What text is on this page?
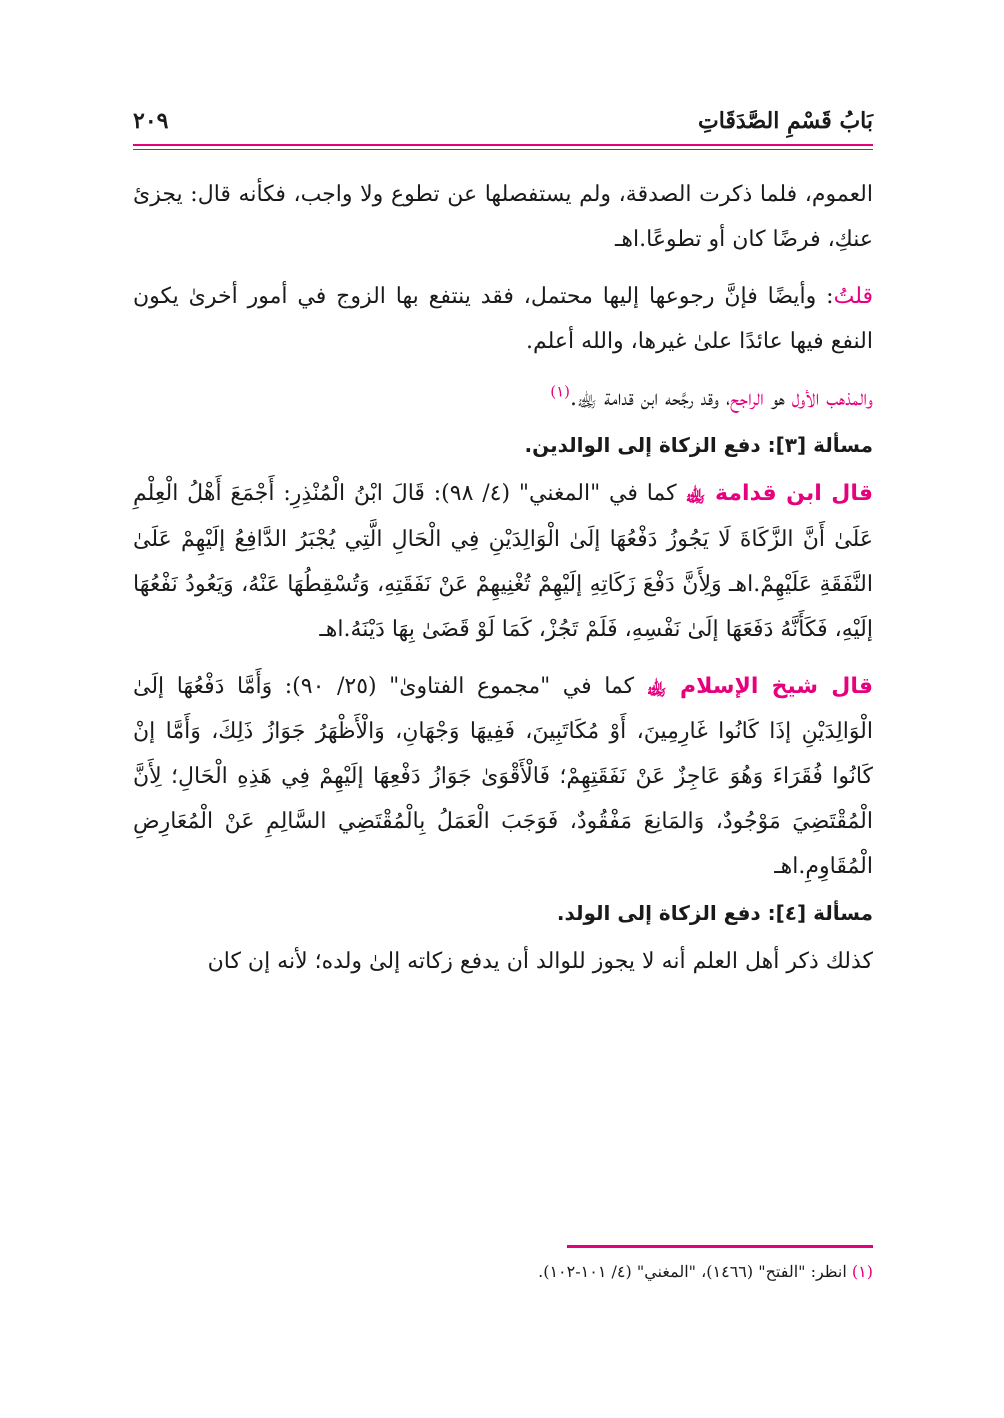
بَابُ قَسْمِ الصَّدَقَاتِ
٢٠٩

العموم، فلما ذكرت الصدقة، ولم يستفصلها عن تطوع ولا واجب، فكأنه قال: يجزئ عنكِ، فرضًا كان أو تطوعًا.اهـ

قلتُ: وأيضًا فإنَّ رجوعها إليها محتمل، فقد ينتفع بها الزوج في أمور أخرىٰ يكون النفع فيها عائدًا علىٰ غيرها، والله أعلم.

والمذهب الأول هو الراجح، وقد رجَّحه ابن قدامة ﵀.$^{(١)}$

مسألة [٣]: دفع الزكاة إلى الوالدين.

قال ابن قدامة ﵀ كما في "المغني" (٤/ ٩٨): قَالَ ابْنُ الْمُنْذِرِ: أَجْمَعَ أَهْلُ الْعِلْمِ عَلَىٰ أَنَّ الزَّكَاةَ لَا يَجُوزُ دَفْعُهَا إلَىٰ الْوَالِدَيْنِ فِي الْحَالِ الَّتِي يُجْبَرُ الدَّافِعُ إلَيْهِمْ عَلَىٰ النَّفَقَةِ عَلَيْهِمْ.اهـ وَلِأَنَّ دَفْعَ زَكَاتِهِ إلَيْهِمْ تُغْنِيهِمْ عَنْ نَفَقَتِهِ، وَتُسْقِطُهَا عَنْهُ، وَيَعُودُ نَفْعُهَا إلَيْهِ، فَكَأَنَّهُ دَفَعَهَا إلَىٰ نَفْسِهِ، فَلَمْ تَجُزْ، كَمَا لَوْ قَضَىٰ بِهَا دَيْنَهُ.اهـ

قال شيخ الإسلام ﵀ كما في "مجموع الفتاوىٰ" (٢٥/ ٩٠): وَأَمَّا دَفْعُهَا إلَىٰ الْوَالِدَيْنِ إذَا كَانُوا غَارِمِينَ، أَوْ مُكَاتَبِينَ، فَفِيهَا وَجْهَانِ، وَالْأَظْهَرُ جَوَازُ ذَلِكَ، وَأَمَّا إنْ كَانُوا فُقَرَاءَ وَهُوَ عَاجِزٌ عَنْ نَفَقَتِهِمْ؛ فَالْأَقْوَىٰ جَوَازُ دَفْعِهَا إلَيْهِمْ فِي هَذِهِ الْحَالِ؛ لِأَنَّ الْمُقْتَضِيَ مَوْجُودٌ، وَالمَانِعَ مَفْقُودٌ، فَوَجَبَ الْعَمَلُ بِالْمُقْتَضِي السَّالِمِ عَنْ الْمُعَارِضِ الْمُقَاوِمِ.اهـ

مسألة [٤]: دفع الزكاة إلى الولد.

كذلك ذكر أهل العلم أنه لا يجوز للوالد أن يدفع زكاته إلىٰ ولده؛ لأنه إن كان

(١) انظر: "الفتح" (١٤٦٦)، "المغني" (٤/ ١٠١-١٠٢).
